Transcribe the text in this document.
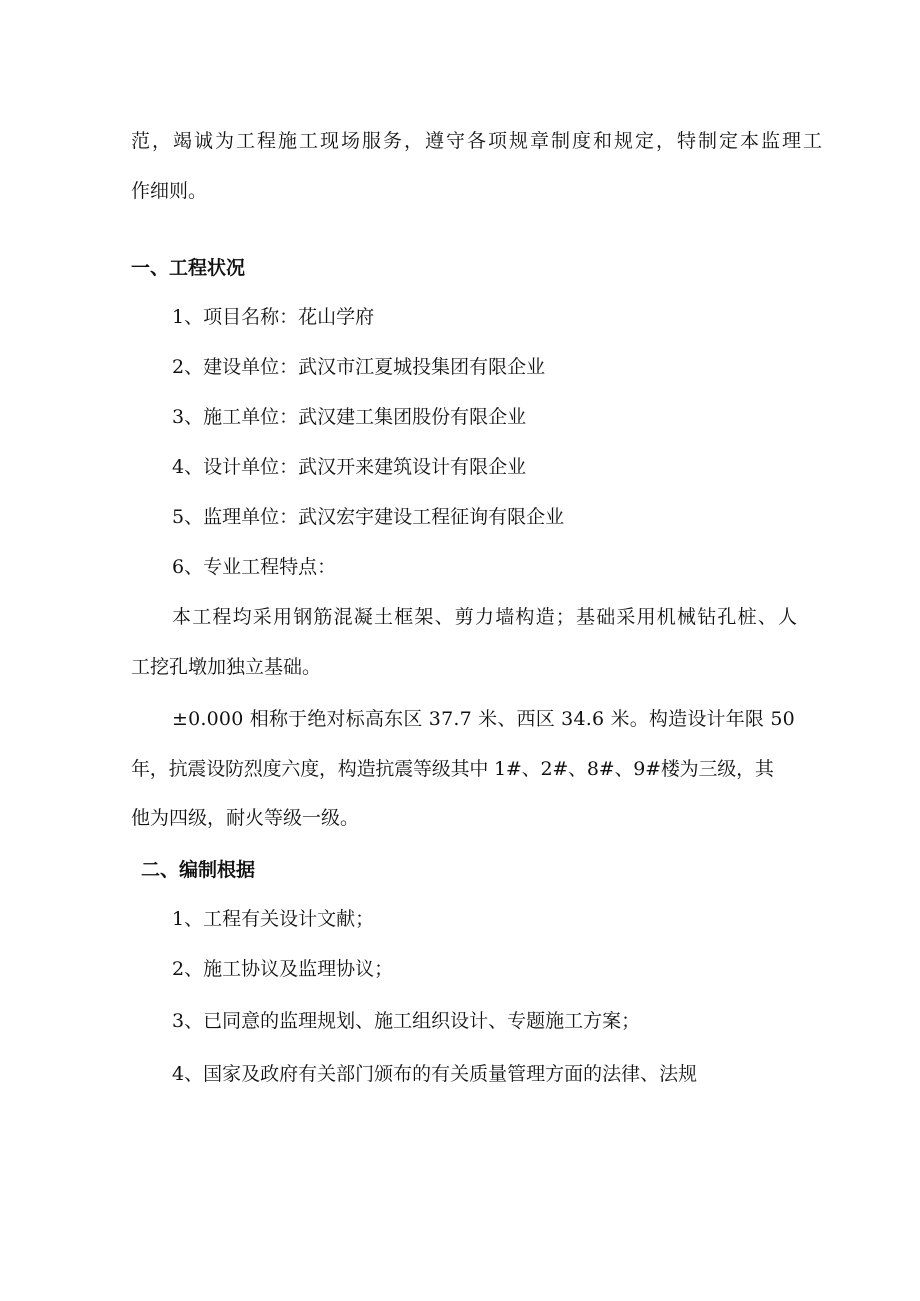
范，竭诚为工程施工现场服务，遵守各项规章制度和规定，特制定本监理工
作细则。
一、工程状况
1、项目名称：花山学府
2、建设单位：武汉市江夏城投集团有限企业
3、施工单位：武汉建工集团股份有限企业
4、设计单位：武汉开来建筑设计有限企业
5、监理单位：武汉宏宇建设工程征询有限企业
6、专业工程特点：
本工程均采用钢筋混凝土框架、剪力墙构造；基础采用机械钻孔桩、人
工挖孔墩加独立基础。
±0.000 相称于绝对标高东区 37.7 米、西区 34.6 米。构造设计年限 50
年，抗震设防烈度六度，构造抗震等级其中 1#、2#、8#、9#楼为三级，其
他为四级，耐火等级一级。
二、编制根据
1、工程有关设计文献；
2、施工协议及监理协议；
3、已同意的监理规划、施工组织设计、专题施工方案；
4、国家及政府有关部门颁布的有关质量管理方面的法律、法规
